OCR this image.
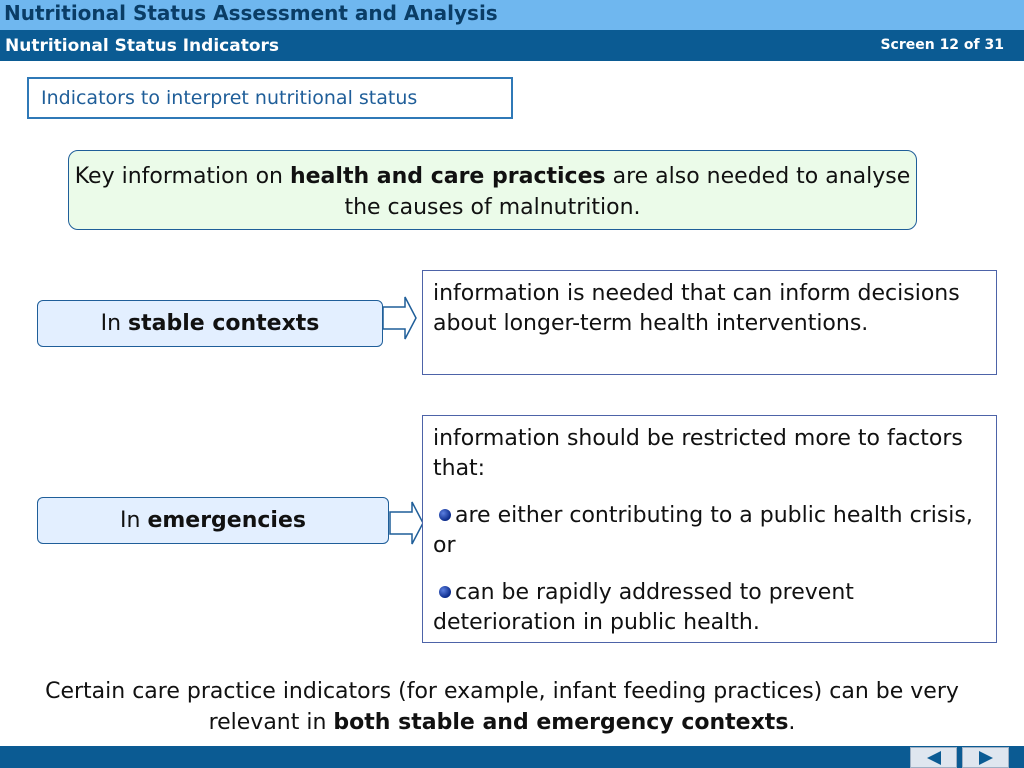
Nutritional Status Assessment and Analysis
Nutritional Status Indicators	Screen 12 of 31
Indicators to interpret nutritional status
Key information on health and care practices are also needed to analyse the causes of malnutrition.
In stable contexts
information is needed that can inform decisions about longer-term health interventions.
In emergencies
information should be restricted more to factors that:
are either contributing to a public health crisis, or
can be rapidly addressed to prevent deterioration in public health.
Certain care practice indicators (for example, infant feeding practices) can be very relevant in both stable and emergency contexts.
